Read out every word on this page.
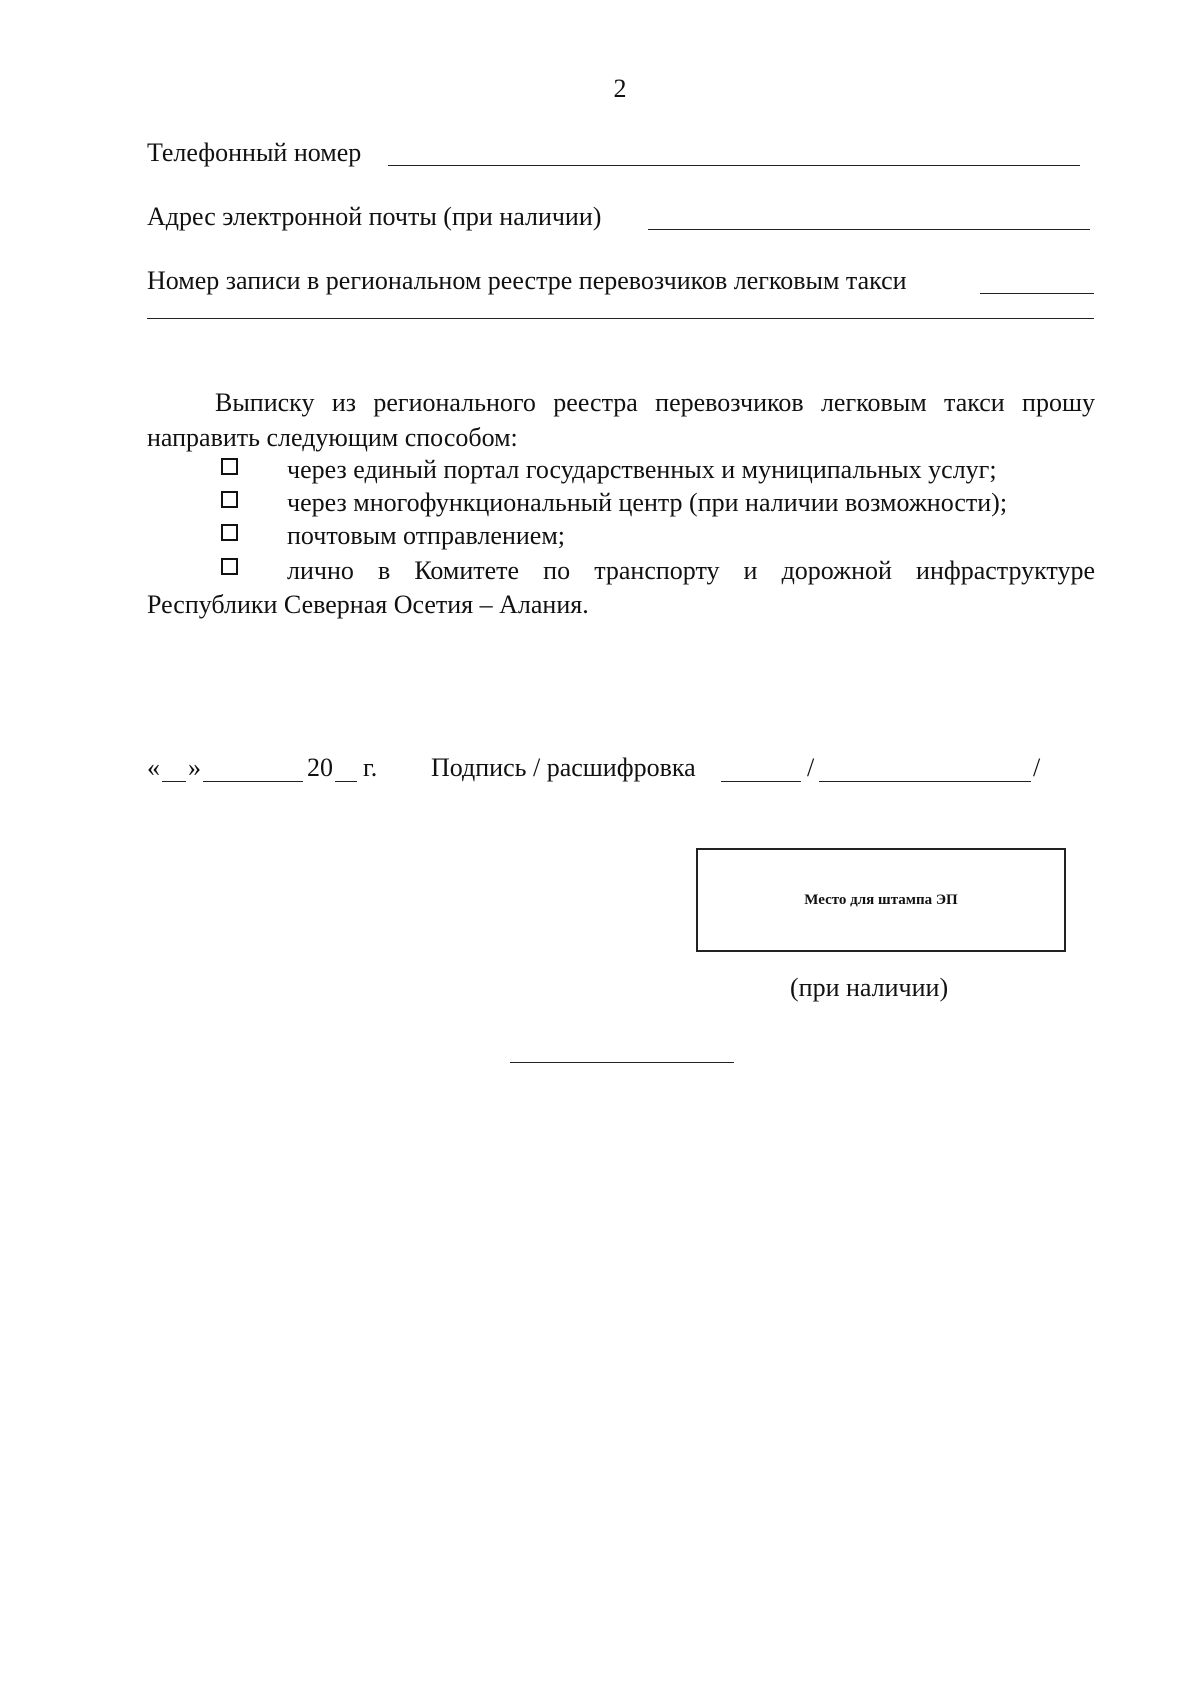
2
Телефонный номер
Адрес электронной почты (при наличии)
Номер записи в региональном реестре перевозчиков легковым такси
Выписку из регионального реестра перевозчиков легковым такси прошу
направить следующим способом:
через единый портал государственных и муниципальных услуг;
через многофункциональный центр (при наличии возможности);
почтовым отправлением;
лично в Комитете по транспорту и дорожной инфраструктуре
Республики Северная Осетия – Алания.
« »	20 г. Подпись / расшифровка	/	/
Место для штампа ЭП
(при наличии)
